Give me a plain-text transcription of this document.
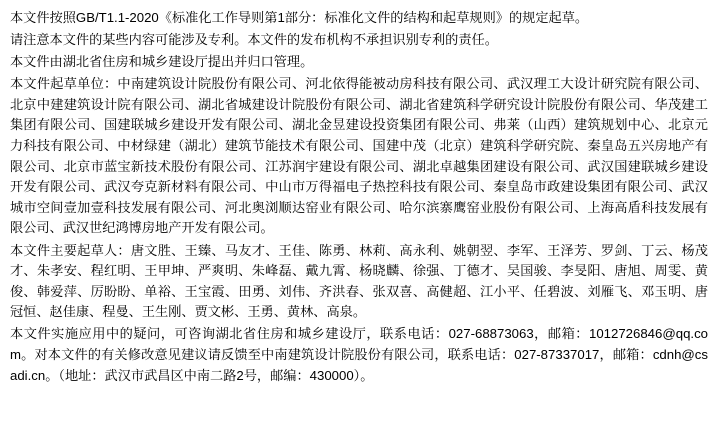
本文件按照GB/T1.1-2020《标准化工作导则第1部分：标准化文件的结构和起草规则》的规定起草。

请注意本文件的某些内容可能涉及专利。本文件的发布机构不承担识别专利的责任。

本文件由湖北省住房和城乡建设厅提出并归口管理。

本文件起草单位：中南建筑设计院股份有限公司、河北依得能被动房科技有限公司、武汉理工大设计研究院有限公司、北京中建建筑设计院有限公司、湖北省城建设计院股份有限公司、湖北省建筑科学研究设计院股份有限公司、华茂建工集团有限公司、国建联城乡建设开发有限公司、湖北金昱建设投资集团有限公司、弗莱（山西）建筑规划中心、北京元力科技有限公司、中材绿建（湖北）建筑节能技术有限公司、国建中茂（北京）建筑科学研究院、秦皇岛五兴房地产有限公司、北京市蓝宝新技术股份有限公司、江苏润宇建设有限公司、湖北卓越集团建设有限公司、武汉国建联城乡建设开发有限公司、武汉夸克新材料有限公司、中山市万得福电子热控科技有限公司、秦皇岛市政建设集团有限公司、武汉城市空间壹加壹科技发展有限公司、河北奥浏顺达窑业有限公司、哈尔滨寨鹰窑业股份有限公司、上海高盾科技发展有限公司、武汉世纪鸿博房地产开发有限公司。

本文件主要起草人：唐文胜、王臻、马友才、王佳、陈勇、林莉、高永利、姚朝翌、李军、王泽芳、罗剑、丁云、杨茂才、朱孝安、程红明、王甲坤、严爽明、朱峰磊、戴九霄、杨晓麟、徐强、丁德才、吴国骏、李旻阳、唐旭、周雯、黄俊、韩爱萍、厉盼盼、单裕、王宝霞、田勇、刘伟、齐洪春、张双喜、高健超、江小平、任碧波、刘雁飞、邓玉明、唐冠恒、赵佳康、程曼、王生刚、贾文彬、王勇、黄林、高泉。

本文件实施应用中的疑问，可咨询湖北省住房和城乡建设厅，联系电话：027-68873063，邮箱：1012726846@qq.com。对本文件的有关修改意见建议请反馈至中南建筑设计院股份有限公司，联系电话：027-87337017，邮箱：cdnh@csadi.cn。（地址：武汉市武昌区中南二路2号，邮编：430000）。
